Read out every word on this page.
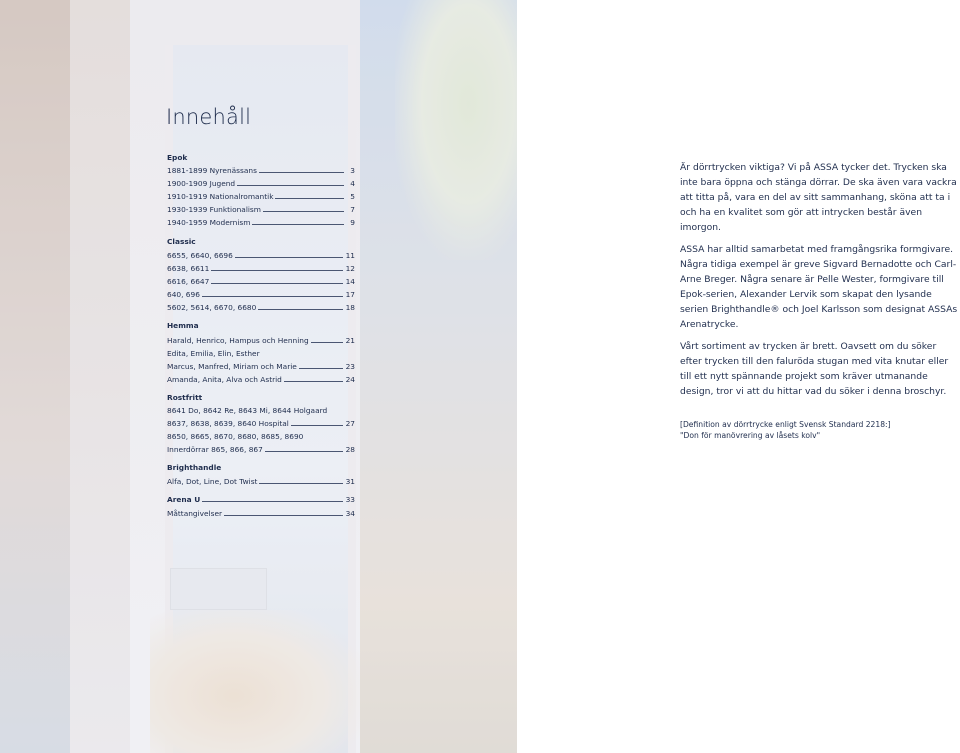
Innehåll
Epok
1881-1899 Nyrenässans	3
1900-1909 Jugend	4
1910-1919 Nationalromantik	5
1930-1939 Funktionalism	7
1940-1959 Modernism	9
Classic
6655, 6640, 6696	11
6638, 6611	12
6616, 6647	14
640, 696	17
5602, 5614, 6670, 6680	18
Hemma
Harald, Henrico, Hampus och Henning	21
Edita, Emilia, Elin, Esther
Marcus, Manfred, Miriam och Marie	23
Amanda, Anita, Alva och Astrid	24
Rostfritt
8641 Do, 8642 Re, 8643 Mi, 8644 Holgaard
8637, 8638, 8639, 8640 Hospital	27
8650, 8665, 8670, 8680, 8685, 8690
Innerdörrar 865, 866, 867	28
Brighthandle
Alfa, Dot, Line, Dot Twist	31
Arena U	33
Måttangivelser	34

Är dörrtrycken viktiga? Vi på ASSA tycker det. Trycken ska inte bara öppna och stänga dörrar. De ska även vara vackra att titta på, vara en del av sitt sammanhang, sköna att ta i och ha en kvalitet som gör att intrycken består även imorgon.

ASSA har alltid samarbetat med framgångsrika formgivare. Några tidiga exempel är greve Sigvard Bernadotte och Carl-Arne Breger. Några senare är Pelle Wester, formgivare till Epok-serien, Alexander Lervik som skapat den lysande serien Brighthandle® och Joel Karlsson som designat ASSAs Arenatrycke.

Vårt sortiment av trycken är brett. Oavsett om du söker efter trycken till den faluröda stugan med vita knutar eller till ett nytt spännande projekt som kräver utmanande design, tror vi att du hittar vad du söker i denna broschyr.

[Definition av dörrtrycke enligt Svensk Standard 2218:]
"Don för manövrering av låsets kolv"
